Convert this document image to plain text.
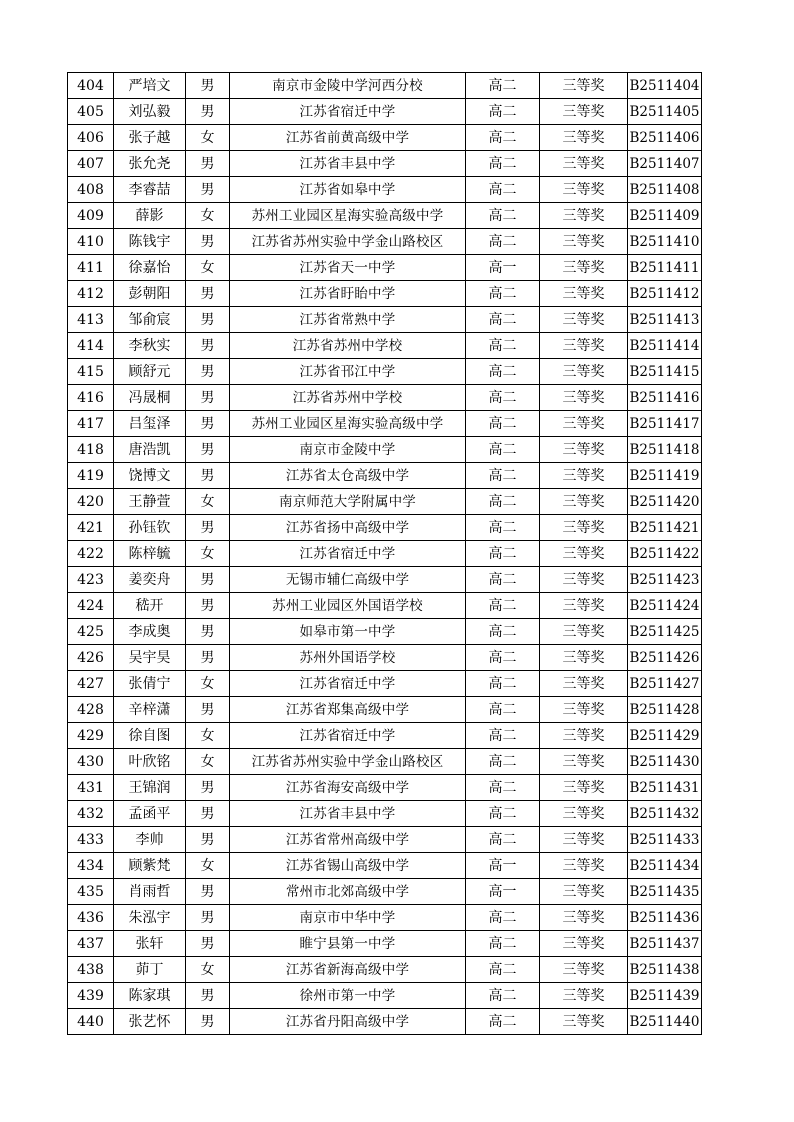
404	严培文	男	南京市金陵中学河西分校	高二	三等奖	B2511404
405	刘弘毅	男	江苏省宿迁中学	高二	三等奖	B2511405
406	张子越	女	江苏省前黄高级中学	高二	三等奖	B2511406
407	张允尧	男	江苏省丰县中学	高二	三等奖	B2511407
408	李睿喆	男	江苏省如皋中学	高二	三等奖	B2511408
409	薛影	女	苏州工业园区星海实验高级中学	高二	三等奖	B2511409
410	陈钱宇	男	江苏省苏州实验中学金山路校区	高二	三等奖	B2511410
411	徐嘉怡	女	江苏省天一中学	高一	三等奖	B2511411
412	彭朝阳	男	江苏省盱眙中学	高二	三等奖	B2511412
413	邹俞宸	男	江苏省常熟中学	高二	三等奖	B2511413
414	李秋实	男	江苏省苏州中学校	高二	三等奖	B2511414
415	顾舒元	男	江苏省邗江中学	高二	三等奖	B2511415
416	冯晟桐	男	江苏省苏州中学校	高二	三等奖	B2511416
417	吕玺泽	男	苏州工业园区星海实验高级中学	高二	三等奖	B2511417
418	唐浩凯	男	南京市金陵中学	高二	三等奖	B2511418
419	饶博文	男	江苏省太仓高级中学	高二	三等奖	B2511419
420	王静萱	女	南京师范大学附属中学	高二	三等奖	B2511420
421	孙钰钦	男	江苏省扬中高级中学	高二	三等奖	B2511421
422	陈梓毓	女	江苏省宿迁中学	高二	三等奖	B2511422
423	姜奕舟	男	无锡市辅仁高级中学	高二	三等奖	B2511423
424	嵇开	男	苏州工业园区外国语学校	高二	三等奖	B2511424
425	李成奥	男	如皋市第一中学	高二	三等奖	B2511425
426	吴宇昊	男	苏州外国语学校	高二	三等奖	B2511426
427	张倩宁	女	江苏省宿迁中学	高二	三等奖	B2511427
428	辛梓潇	男	江苏省郑集高级中学	高二	三等奖	B2511428
429	徐自图	女	江苏省宿迁中学	高二	三等奖	B2511429
430	叶欣铭	女	江苏省苏州实验中学金山路校区	高二	三等奖	B2511430
431	王锦润	男	江苏省海安高级中学	高二	三等奖	B2511431
432	孟函平	男	江苏省丰县中学	高二	三等奖	B2511432
433	李帅	男	江苏省常州高级中学	高二	三等奖	B2511433
434	顾紫梵	女	江苏省锡山高级中学	高一	三等奖	B2511434
435	肖雨哲	男	常州市北郊高级中学	高一	三等奖	B2511435
436	朱泓宇	男	南京市中华中学	高二	三等奖	B2511436
437	张轩	男	睢宁县第一中学	高二	三等奖	B2511437
438	茆丁	女	江苏省新海高级中学	高二	三等奖	B2511438
439	陈家琪	男	徐州市第一中学	高二	三等奖	B2511439
440	张艺怀	男	江苏省丹阳高级中学	高二	三等奖	B2511440
